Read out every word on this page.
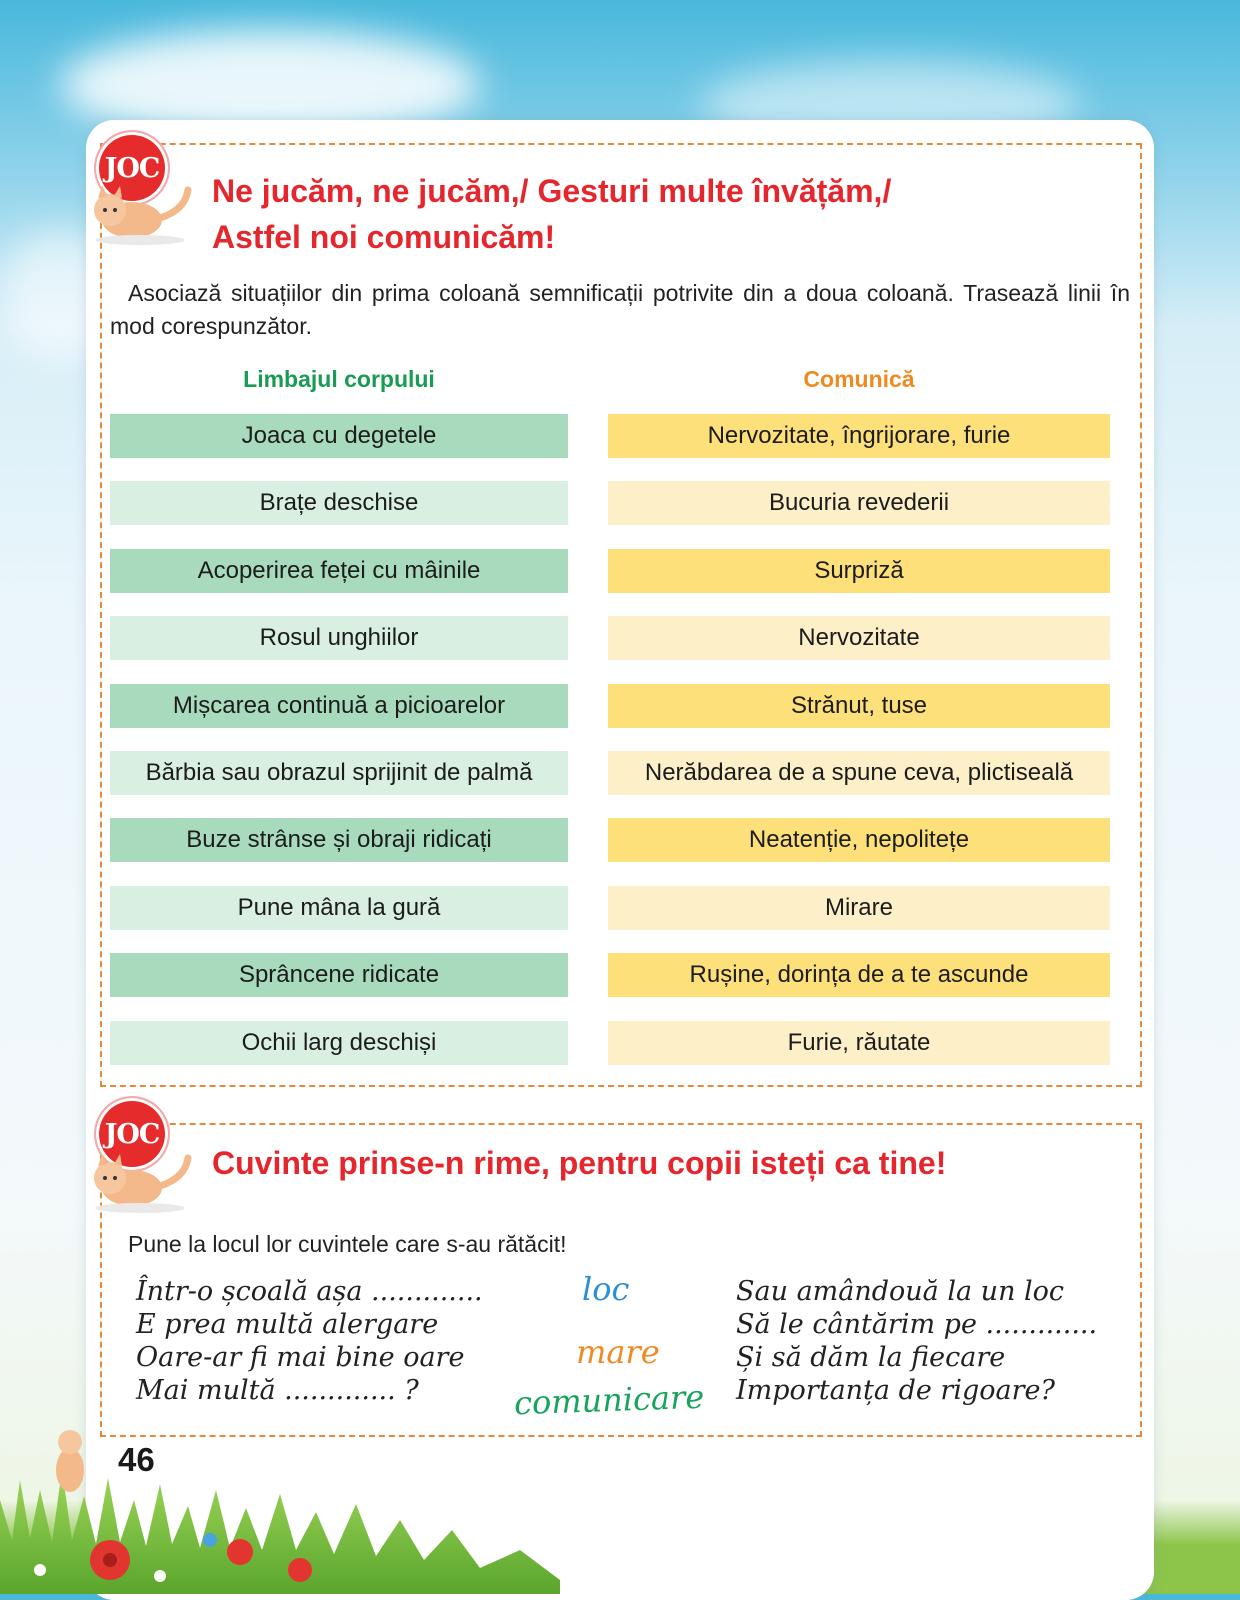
JOC
Ne jucăm, ne jucăm,/ Gesturi multe învățăm,/
Astfel noi comunicăm!

Asociază situațiilor din prima coloană semnificații potrivite din a doua coloană. Trasează linii în mod corespunzător.

Limbajul corpului	Comunică
Joaca cu degetele
Brațe deschise
Acoperirea feței cu mâinile
Rosul unghiilor
Mișcarea continuă a picioarelor
Bărbia sau obrazul sprijinit de palmă
Buze strânse și obraji ridicați
Pune mâna la gură
Sprâncene ridicate
Ochii larg deschiși
Nervozitate, îngrijorare, furie
Bucuria revederii
Surpriză
Nervozitate
Strănut, tuse
Nerăbdarea de a spune ceva, plictiseală
Neatenție, nepolitețe
Mirare
Rușine, dorința de a te ascunde
Furie, răutate
JOC
Cuvinte prinse-n rime, pentru copii isteți ca tine!

Pune la locul lor cuvintele care s-au rătăcit!

Într-o școală așa .............
E prea multă alergare
Oare-ar fi mai bine oare
Mai multă ............. ?
loc
mare
comunicare
Sau amândouă la un loc
Să le cântărim pe .............
Și să dăm la fiecare
Importanța de rigoare?
46
